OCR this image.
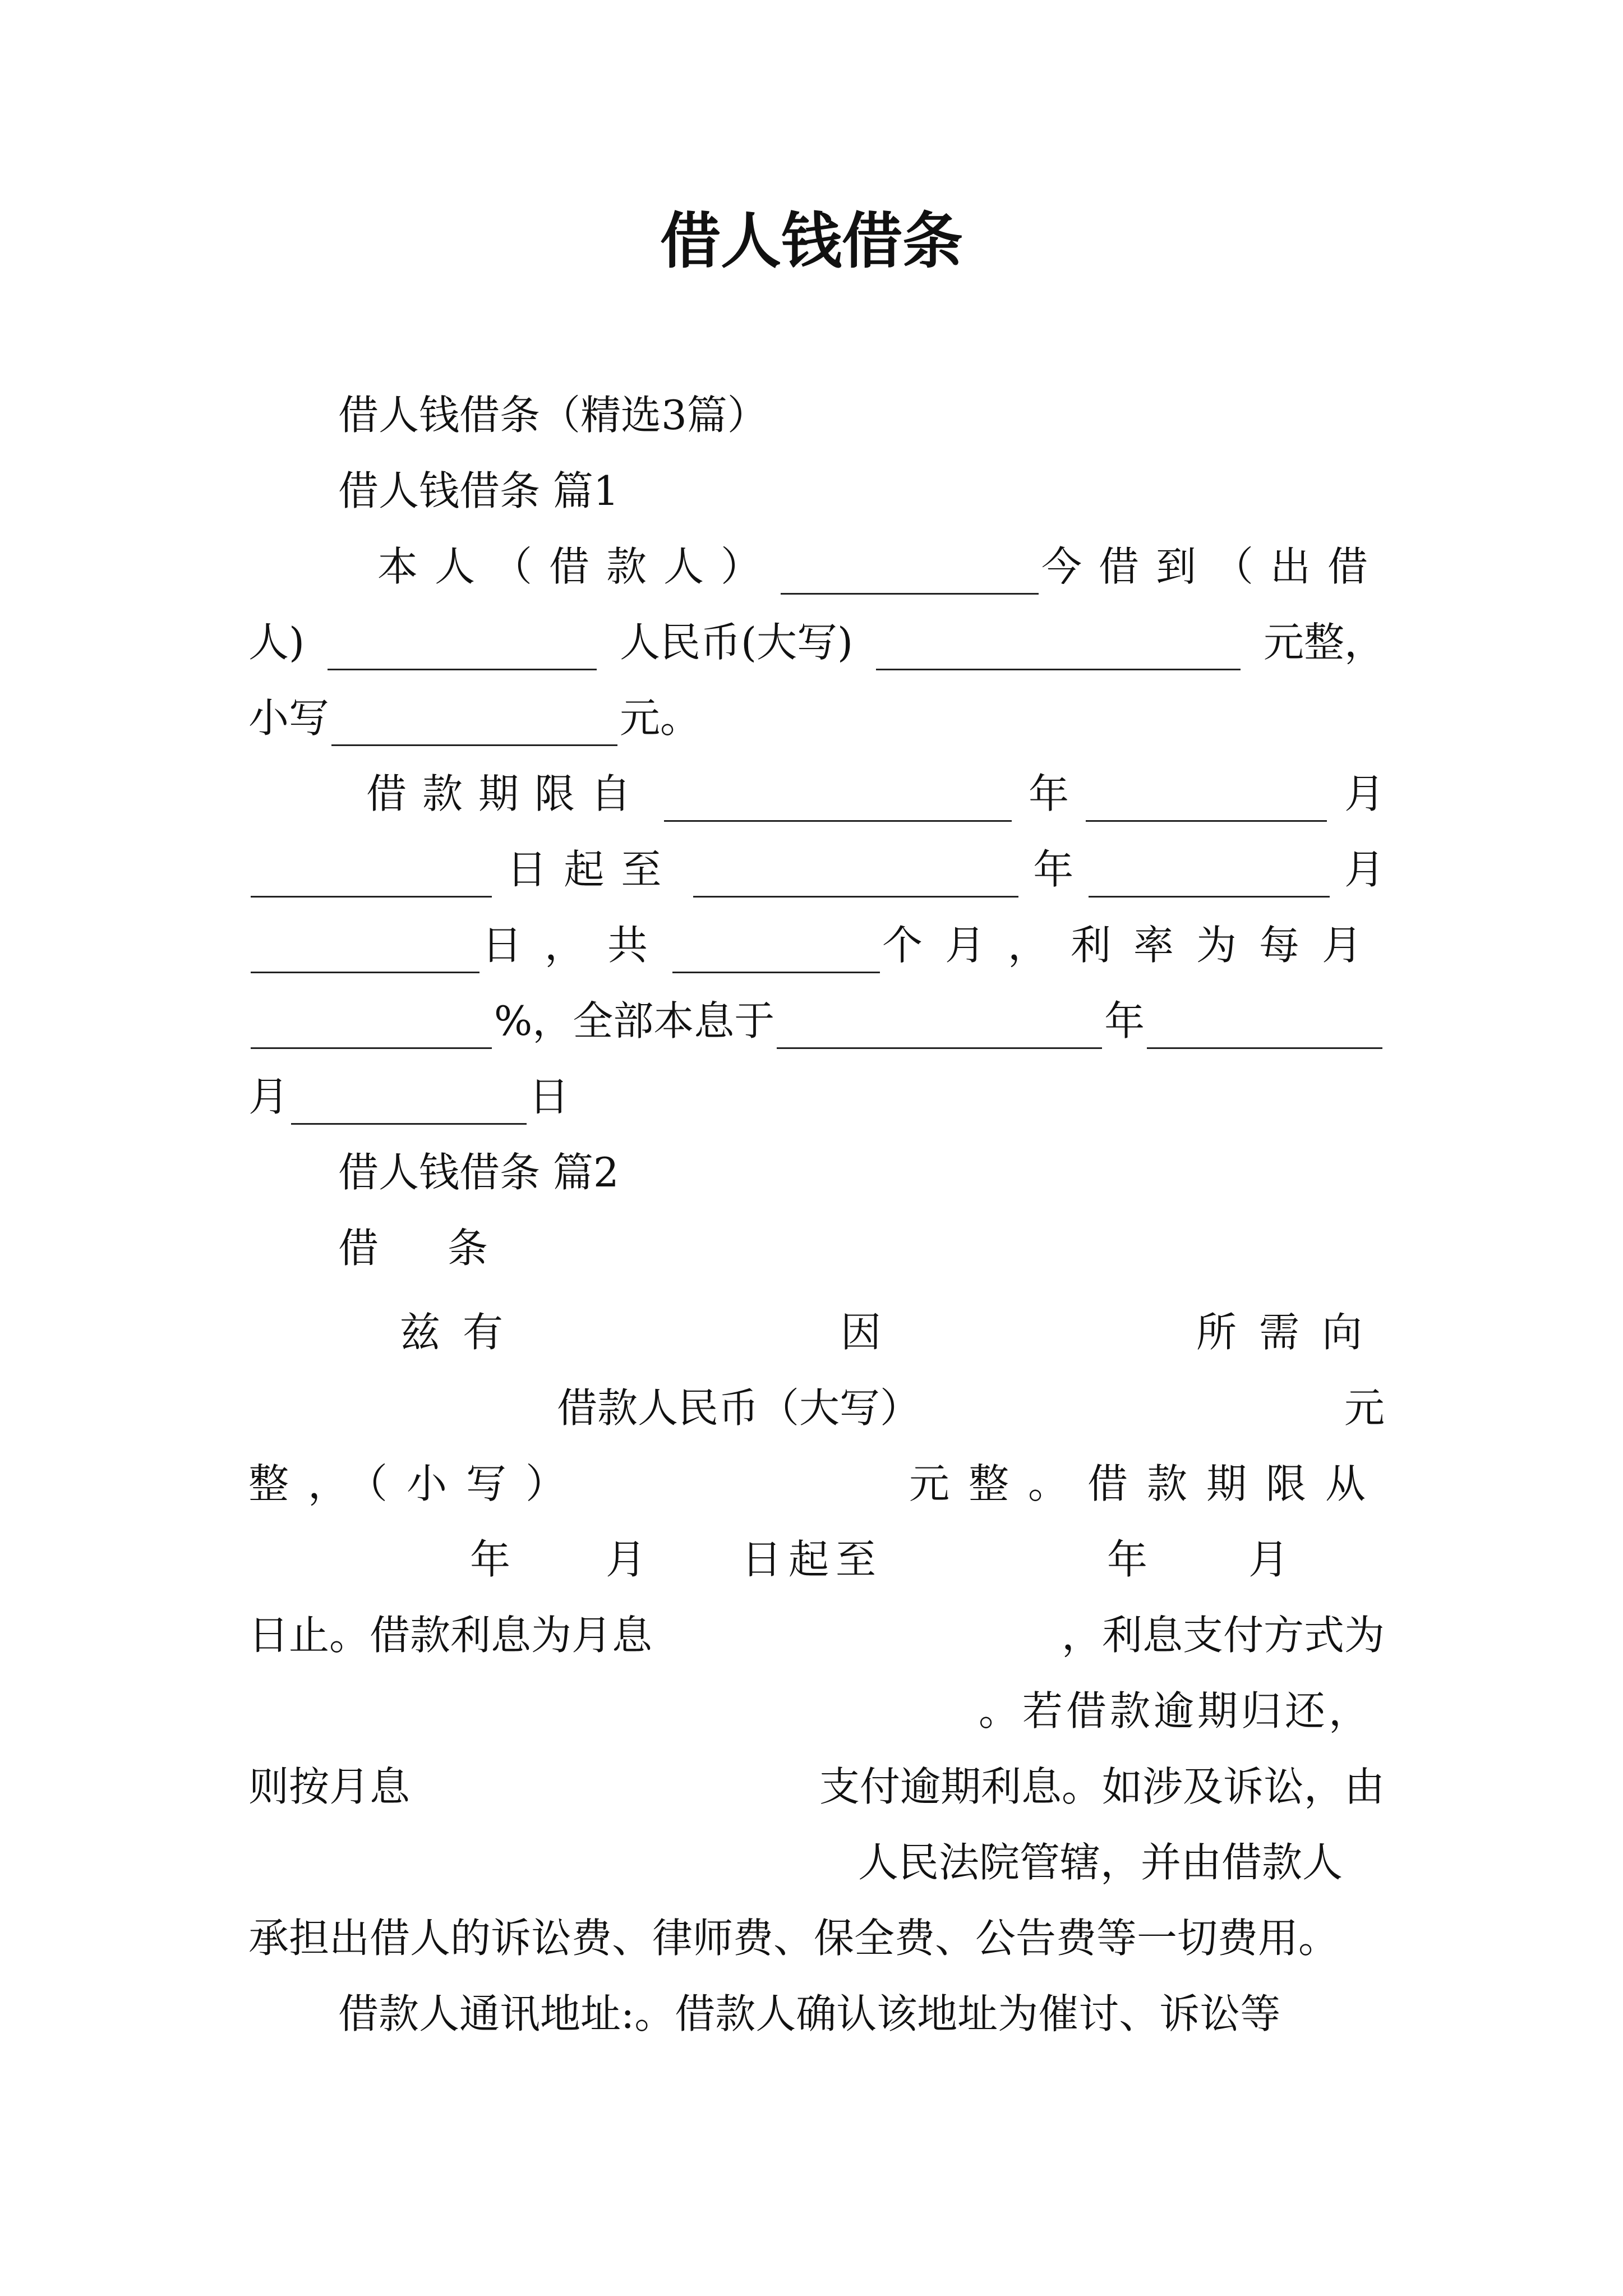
借人钱借条
借人钱借条（精选3篇）
借人钱借条 篇1
本人（借款人）	今借到（出借
人)	人民币(大写)	元整，
小写	元。
借款期限自	年	月
日起至	年	月
日，共	个月，利率为每月
%，全部本息于	年
月	日
借人钱借条 篇2
借 条
兹有	因	所需向
借款人民币（大写）	元
整，（小写）	元整。借款期限从
年 月 日起至	年	月
日止。借款利息为月息	，利息支付方式为
。若借款逾期归还，
则按月息	支付逾期利息。如涉及诉讼，由
人民法院管辖，并由借款人
承担出借人的诉讼费、律师费、保全费、公告费等一切费用。
借款人通讯地址:。借款人确认该地址为催讨、诉讼等
